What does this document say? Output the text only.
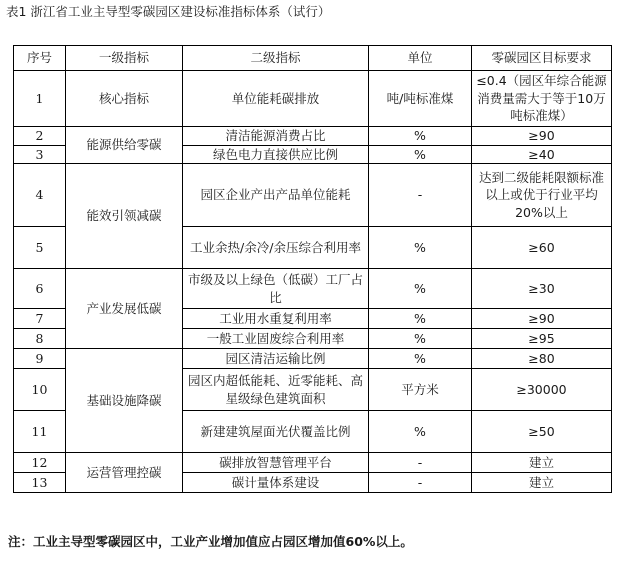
表1 浙江省工业主导型零碳园区建设标准指标体系（试行）
序号	一级指标	二级指标	单位	零碳园区目标要求
1	核心指标	单位能耗碳排放	吨/吨标准煤	≤0.4（园区年综合能源消费量需大于等于10万吨标准煤）
2	能源供给零碳	清洁能源消费占比	%	≥90
3		绿色电力直接供应比例	%	≥40
4	能效引领减碳	园区企业产出产品单位能耗	-	达到二级能耗限额标准以上或优于行业平均20%以上
5		工业余热/余冷/余压综合利用率	%	≥60
6	产业发展低碳	市级及以上绿色（低碳）工厂占比	%	≥30
7		工业用水重复利用率	%	≥90
8		一般工业固废综合利用率	%	≥95
9	基础设施降碳	园区清洁运输比例	%	≥80
10		园区内超低能耗、近零能耗、高星级绿色建筑面积	平方米	≥30000
11		新建建筑屋面光伏覆盖比例	%	≥50
12	运营管理控碳	碳排放智慧管理平台	-	建立
13		碳计量体系建设	-	建立
注：工业主导型零碳园区中，工业产业增加值应占园区增加值60%以上。
